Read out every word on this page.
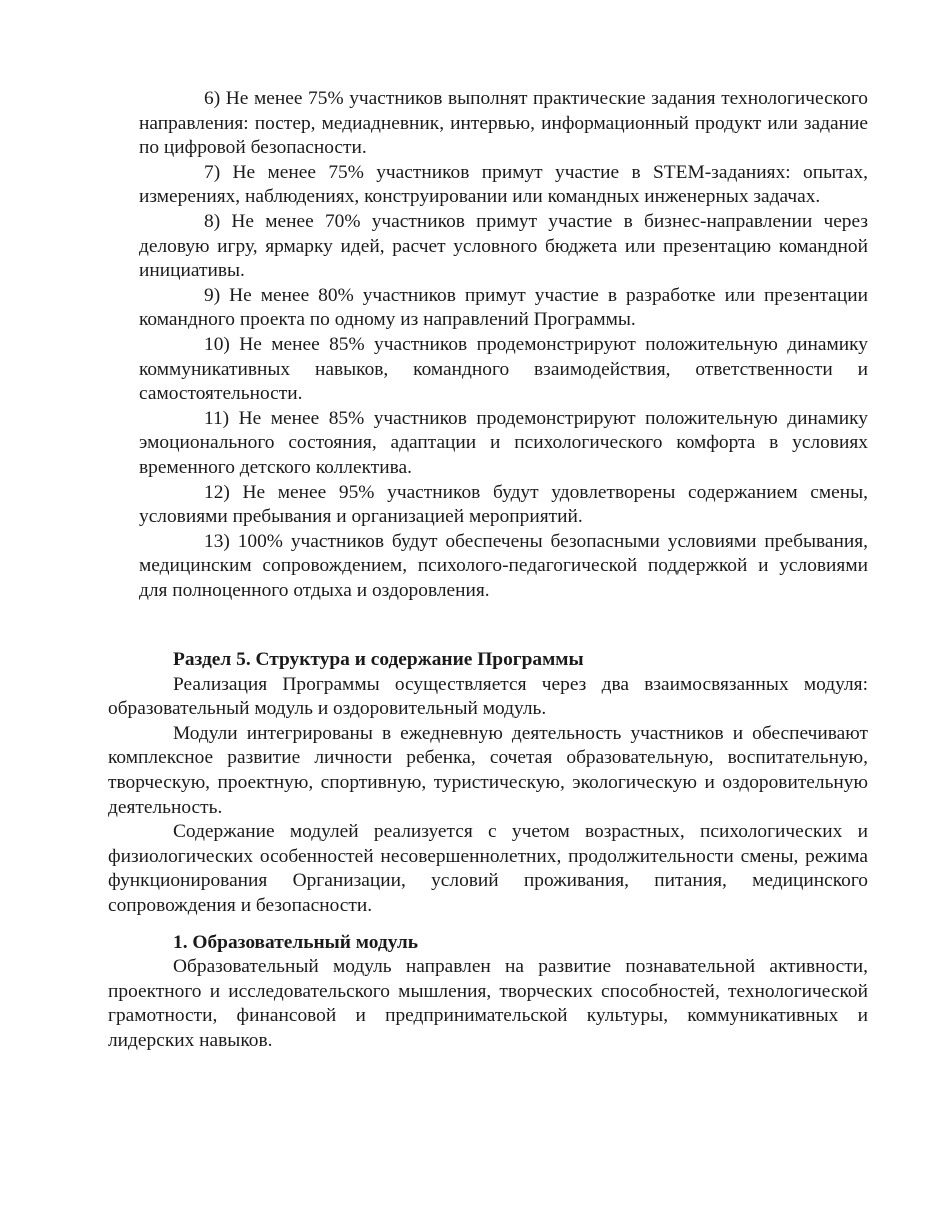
6) Не менее 75% участников выполнят практические задания технологического направления: постер, медиадневник, интервью, информационный продукт или задание по цифровой безопасности.

7) Не менее 75% участников примут участие в STEM-заданиях: опытах, измерениях, наблюдениях, конструировании или командных инженерных задачах.

8) Не менее 70% участников примут участие в бизнес-направлении через деловую игру, ярмарку идей, расчет условного бюджета или презентацию командной инициативы.

9) Не менее 80% участников примут участие в разработке или презентации командного проекта по одному из направлений Программы.

10) Не менее 85% участников продемонстрируют положительную динамику коммуникативных навыков, командного взаимодействия, ответственности и самостоятельности.

11) Не менее 85% участников продемонстрируют положительную динамику эмоционального состояния, адаптации и психологического комфорта в условиях временного детского коллектива.

12) Не менее 95% участников будут удовлетворены содержанием смены, условиями пребывания и организацией мероприятий.

13) 100% участников будут обеспечены безопасными условиями пребывания, медицинским сопровождением, психолого-педагогической поддержкой и условиями для полноценного отдыха и оздоровления.

Раздел 5. Структура и содержание Программы

Реализация Программы осуществляется через два взаимосвязанных модуля: образовательный модуль и оздоровительный модуль.

Модули интегрированы в ежедневную деятельность участников и обеспечивают комплексное развитие личности ребенка, сочетая образовательную, воспитательную, творческую, проектную, спортивную, туристическую, экологическую и оздоровительную деятельность.

Содержание модулей реализуется с учетом возрастных, психологических и физиологических особенностей несовершеннолетних, продолжительности смены, режима функционирования Организации, условий проживания, питания, медицинского сопровождения и безопасности.

1. Образовательный модуль

Образовательный модуль направлен на развитие познавательной активности, проектного и исследовательского мышления, творческих способностей, технологической грамотности, финансовой и предпринимательской культуры, коммуникативных и лидерских навыков.
